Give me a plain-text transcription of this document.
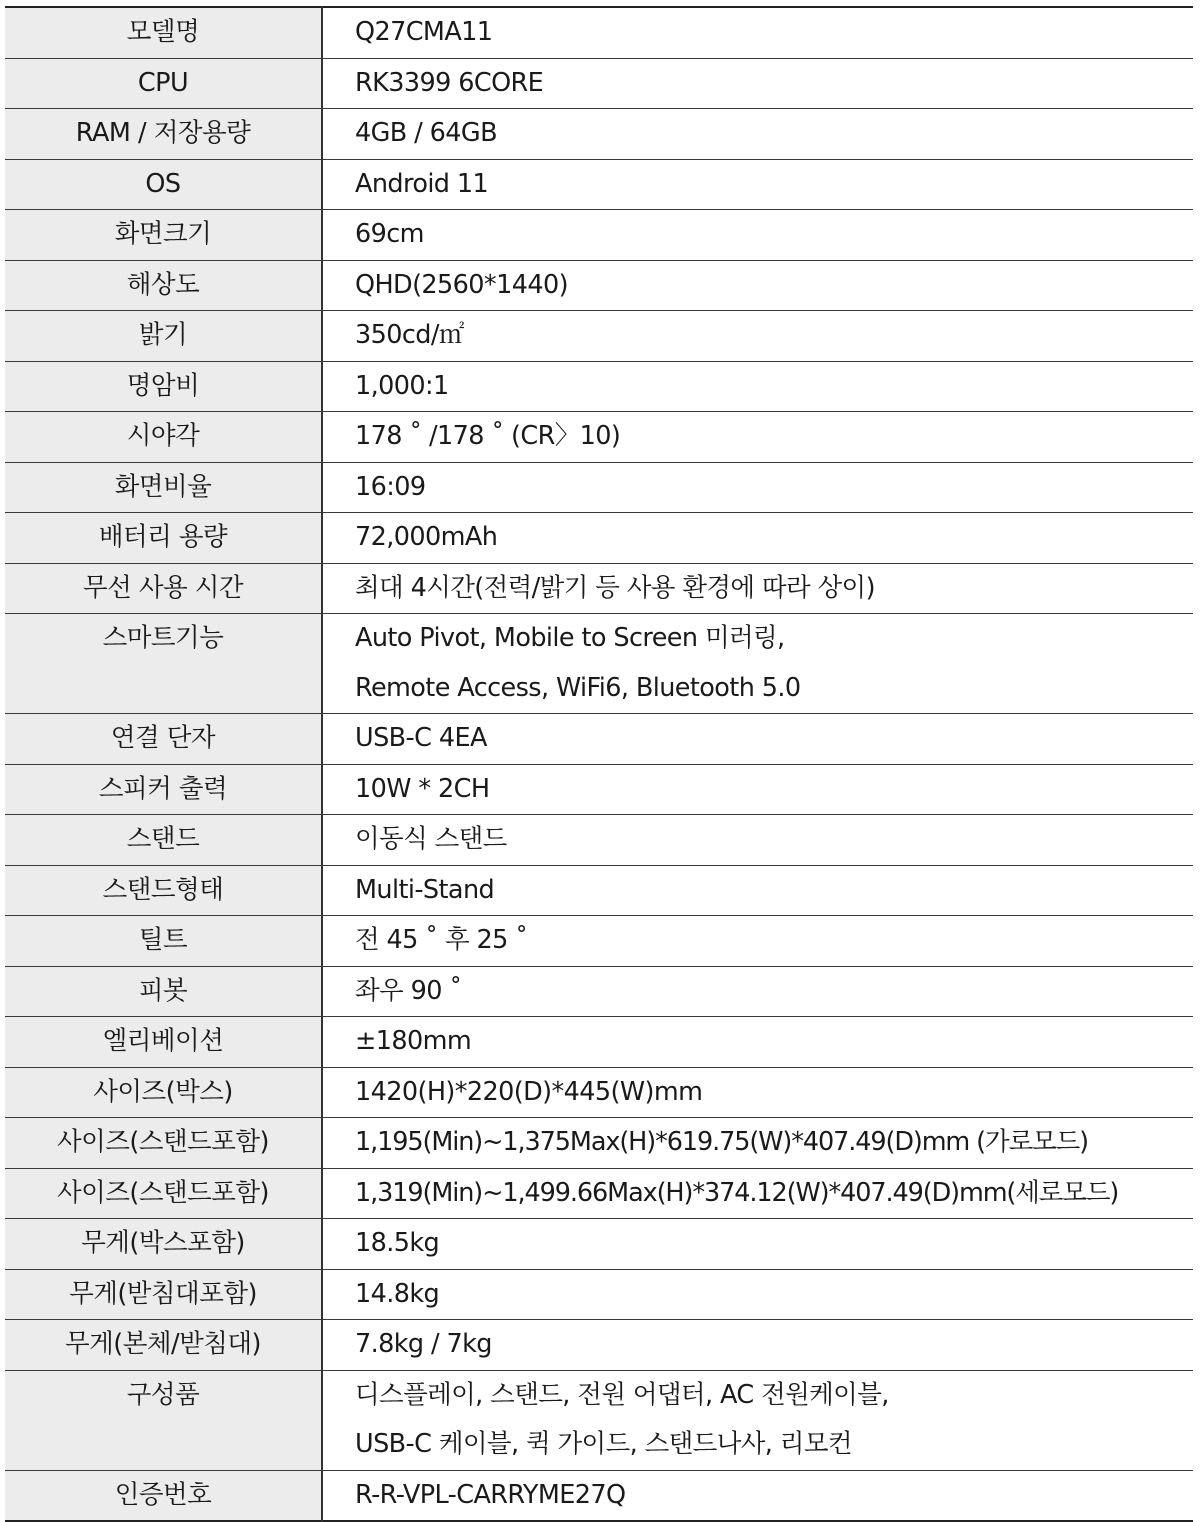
모델명	Q27CMA11

CPU	RK3399 6CORE

RAM / 저장용량	4GB / 64GB

OS	Android 11

화면크기	69cm

해상도	QHD(2560*1440)

밝기	350cd/㎡

명암비	1,000:1

시야각	178 ˚ /178 ˚ (CR〉10)

화면비율	16:09

배터리 용량	72,000mAh

무선 사용 시간	최대 4시간(전력/밝기 등 사용 환경에 따라 상이)

스마트기능	Auto Pivot, Mobile to Screen 미러링,
Remote Access, WiFi6, Bluetooth 5.0

연결 단자	USB-C 4EA

스피커 출력	10W * 2CH

스탠드	이동식 스탠드

스탠드형태	Multi-Stand

틸트	전 45 ˚ 후 25 ˚

피봇	좌우 90 ˚

엘리베이션	±180mm

사이즈(박스)	1420(H)*220(D)*445(W)mm

사이즈(스탠드포함)	1,195(Min)~1,375Max(H)*619.75(W)*407.49(D)mm (가로모드)

사이즈(스탠드포함)	1,319(Min)~1,499.66Max(H)*374.12(W)*407.49(D)mm(세로모드)

무게(박스포함)	18.5kg

무게(받침대포함)	14.8kg

무게(본체/받침대)	7.8kg / 7kg

구성품	디스플레이, 스탠드, 전원 어댑터, AC 전원케이블,
USB-C 케이블, 퀵 가이드, 스탠드나사, 리모컨

인증번호	R-R-VPL-CARRYME27Q
